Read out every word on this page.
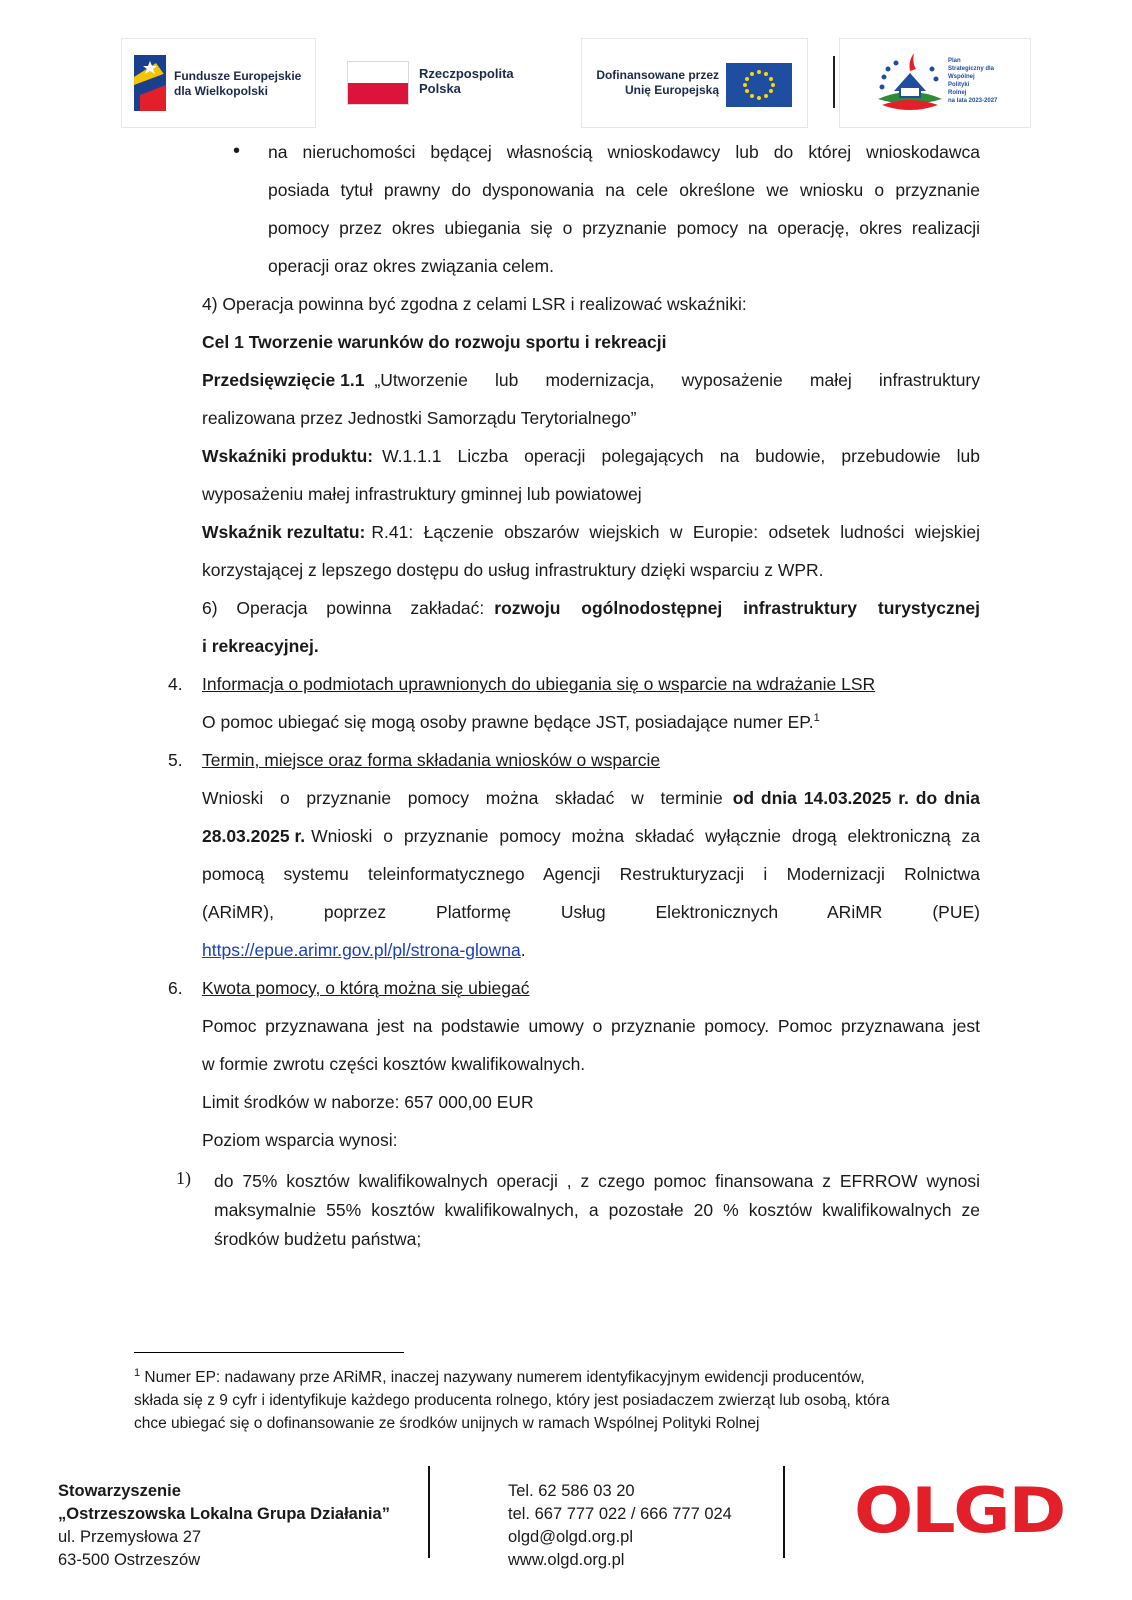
Fundusze Europejskie
dla Wielkopolski
Rzeczpospolita
Polska
Dofinansowane przez
Unię Europejską
Plan
Strategiczny dla
Wspólnej
Polityki
Rolnej
na lata 2023-2027
• na nieruchomości będącej własnością wnioskodawcy lub do której wnioskodawca
posiada tytuł prawny do dysponowania na cele określone we wniosku o przyznanie
pomocy przez okres ubiegania się o przyznanie pomocy na operację, okres realizacji
operacji oraz okres związania celem.
4) Operacja powinna być zgodna z celami LSR i realizować wskaźniki:
Cel 1 Tworzenie warunków do rozwoju sportu i rekreacji
Przedsięwzięcie 1.1 „Utworzenie lub modernizacja, wyposażenie małej infrastruktury
realizowana przez Jednostki Samorządu Terytorialnego”
Wskaźniki produktu: W.1.1.1 Liczba operacji polegających na budowie, przebudowie lub
wyposażeniu małej infrastruktury gminnej lub powiatowej
Wskaźnik rezultatu: R.41: Łączenie obszarów wiejskich w Europie: odsetek ludności wiejskiej
korzystającej z lepszego dostępu do usług infrastruktury dzięki wsparciu z WPR.
6) Operacja powinna zakładać: rozwoju ogólnodostępnej infrastruktury turystycznej
i rekreacyjnej.
4. Informacja o podmiotach uprawnionych do ubiegania się o wsparcie na wdrażanie LSR
O pomoc ubiegać się mogą osoby prawne będące JST, posiadające numer EP.$^1$
5. Termin, miejsce oraz forma składania wniosków o wsparcie
Wnioski o przyznanie pomocy można składać w terminie od dnia 14.03.2025 r. do dnia
28.03.2025 r. Wnioski o przyznanie pomocy można składać wyłącznie drogą elektroniczną za
pomocą systemu teleinformatycznego Agencji Restrukturyzacji i Modernizacji Rolnictwa
(ARiMR), poprzez Platformę Usług Elektronicznych ARiMR (PUE)
https://epue.arimr.gov.pl/pl/strona-glowna.
6. Kwota pomocy, o którą można się ubiegać
Pomoc przyznawana jest na podstawie umowy o przyznanie pomocy. Pomoc przyznawana jest
w formie zwrotu części kosztów kwalifikowalnych.
Limit środków w naborze: 657 000,00 EUR
Poziom wsparcia wynosi:
1) do 75% kosztów kwalifikowalnych operacji , z czego pomoc finansowana z EFRROW wynosi
maksymalnie 55% kosztów kwalifikowalnych, a pozostałe 20 % kosztów kwalifikowalnych ze
środków budżetu państwa;
$^1$ Numer EP: nadawany prze ARiMR, inaczej nazywany numerem identyfikacyjnym ewidencji producentów,
składa się z 9 cyfr i identyfikuje każdego producenta rolnego, który jest posiadaczem zwierząt lub osobą, która
chce ubiegać się o dofinansowanie ze środków unijnych w ramach Wspólnej Polityki Rolnej
Stowarzyszenie
„Ostrzeszowska Lokalna Grupa Działania”
ul. Przemysłowa 27
63-500 Ostrzeszów
Tel. 62 586 03 20
tel. 667 777 022 / 666 777 024
olgd@olgd.org.pl
www.olgd.org.pl
OLGD
